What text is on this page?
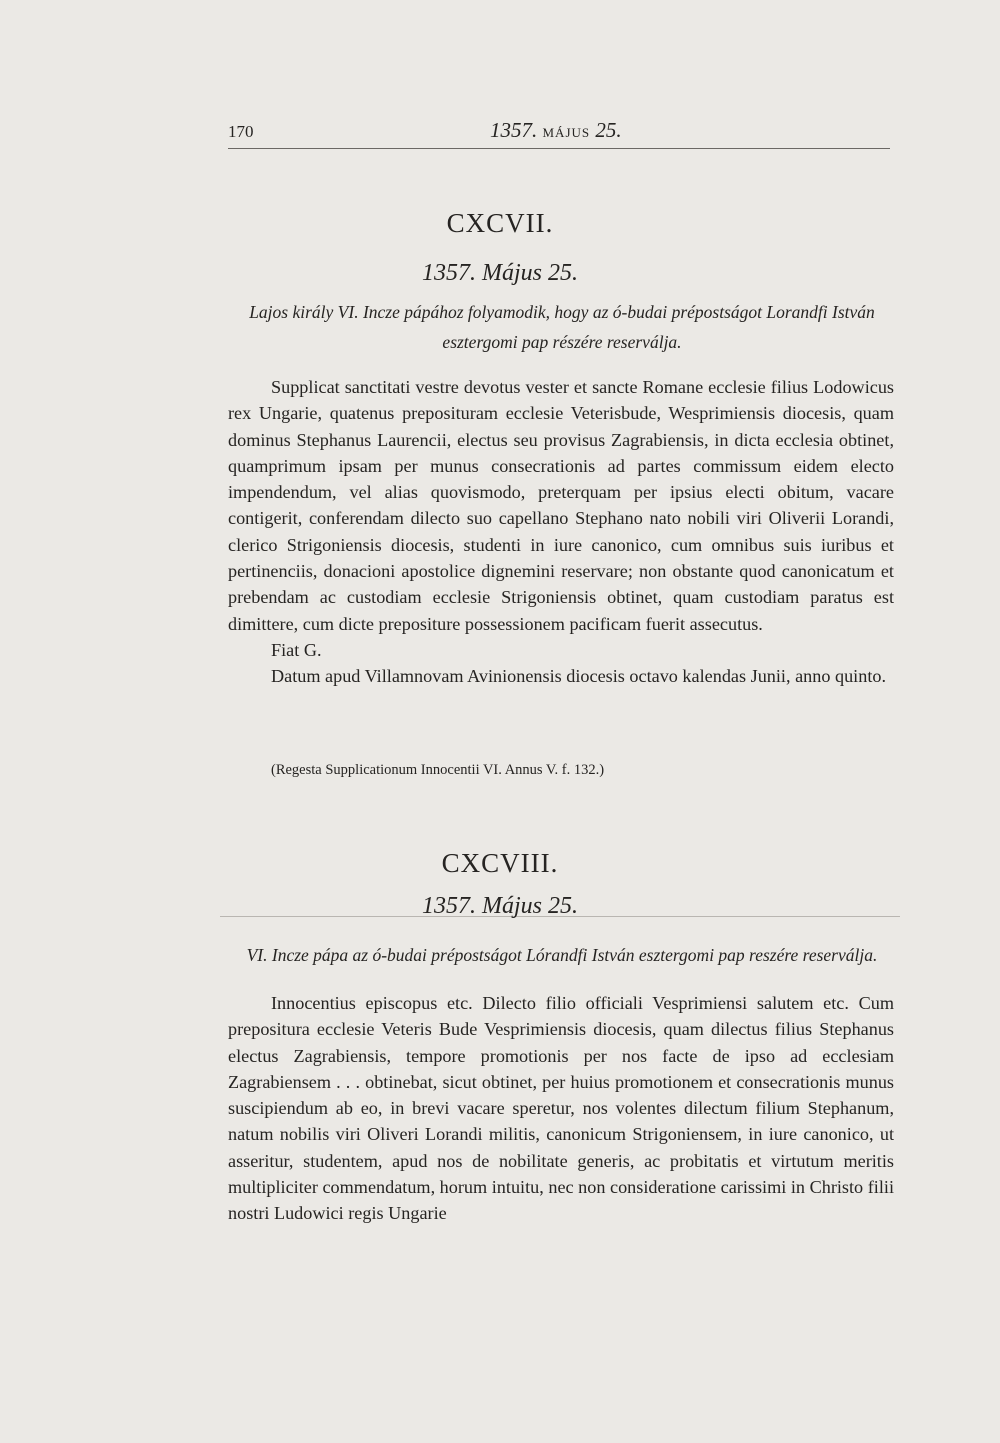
170	1357. MÁJUS 25.
CXCVII.
1357. Május 25.
Lajos király VI. Incze pápához folyamodik, hogy az ó-budai prépostságot Lorandfi István
esztergomi pap részére reserválja.

Supplicat sanctitati vestre devotus vester et sancte Romane ecclesie filius Lodowicus rex Ungarie, quatenus preposituram ecclesie Veterisbude, Wesprimiensis diocesis, quam dominus Stephanus Laurencii, electus seu provisus Zagrabiensis, in dicta ecclesia obtinet, quamprimum ipsam per munus consecrationis ad partes commissum eidem electo impendendum, vel alias quovismodo, preterquam per ipsius electi obitum, vacare contigerit, conferendam dilecto suo capellano Stephano nato nobili viri Oliverii Lorandi, clerico Strigoniensis diocesis, studenti in iure canonico, cum omnibus suis iuribus et pertinenciis, donacioni apostolice dignemini reservare; non obstante quod canonicatum et prebendam ac custodiam ecclesie Strigoniensis obtinet, quam custodiam paratus est dimittere, cum dicte prepositure possessionem pacificam fuerit assecutus.

Fiat G.

Datum apud Villamnovam Avinionensis diocesis octavo kalendas Junii, anno quinto.

(Regesta Supplicationum Innocentii VI. Annus V. f. 132.)
CXCVIII.
1357. Május 25.
VI. Incze pápa az ó-budai prépostságot Lórandfi István esztergomi pap reszére reserválja.

Innocentius episcopus etc. Dilecto filio officiali Vesprimiensi salutem etc. Cum prepositura ecclesie Veteris Bude Vesprimiensis diocesis, quam dilectus filius Stephanus electus Zagrabiensis, tempore promotionis per nos facte de ipso ad ecclesiam Zagrabiensem . . . obtinebat, sicut obtinet, per huius promotionem et consecrationis munus suscipiendum ab eo, in brevi vacare speretur, nos volentes dilectum filium Stephanum, natum nobilis viri Oliveri Lorandi militis, canonicum Strigoniensem, in iure canonico, ut asseritur, studentem, apud nos de nobilitate generis, ac probitatis et virtutum meritis multipliciter commendatum, horum intuitu, nec non consideratione carissimi in Christo filii nostri Ludowici regis Ungarie
